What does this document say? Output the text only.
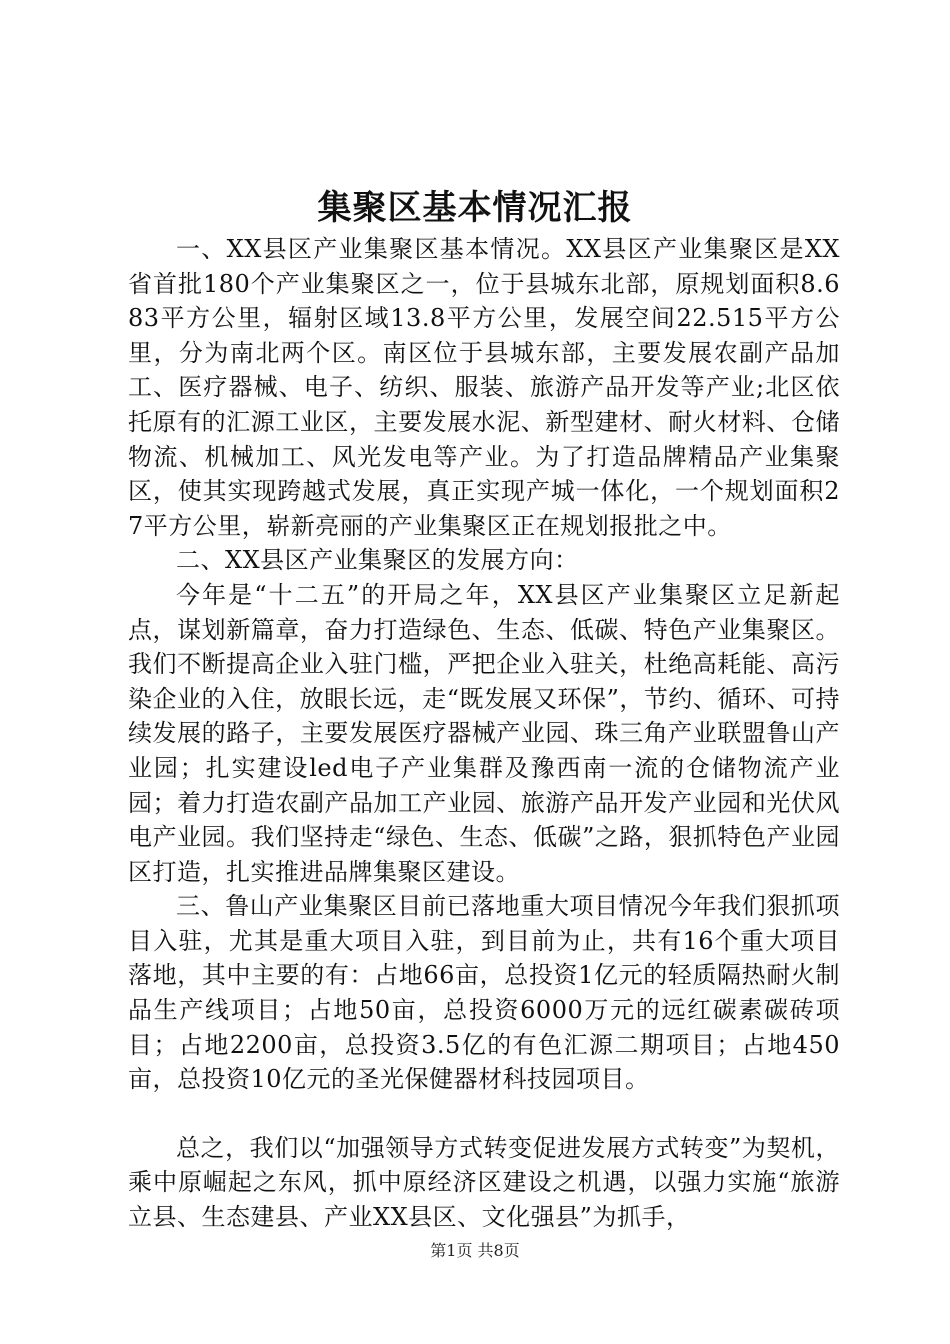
集聚区基本情况汇报

一、XX县区产业集聚区基本情况。XX县区产业集聚区是XX省首批180个产业集聚区之一，位于县城东北部，原规划面积8.683平方公里，辐射区域13.8平方公里，发展空间22.515平方公里，分为南北两个区。南区位于县城东部，主要发展农副产品加工、医疗器械、电子、纺织、服装、旅游产品开发等产业;北区依托原有的汇源工业区，主要发展水泥、新型建材、耐火材料、仓储物流、机械加工、风光发电等产业。为了打造品牌精品产业集聚区，使其实现跨越式发展，真正实现产城一体化，一个规划面积27平方公里，崭新亮丽的产业集聚区正在规划报批之中。

二、XX县区产业集聚区的发展方向：

今年是“十二五”的开局之年，XX县区产业集聚区立足新起点，谋划新篇章，奋力打造绿色、生态、低碳、特色产业集聚区。我们不断提高企业入驻门槛，严把企业入驻关，杜绝高耗能、高污染企业的入住，放眼长远，走“既发展又环保”，节约、循环、可持续发展的路子，主要发展医疗器械产业园、珠三角产业联盟鲁山产业园；扎实建设led电子产业集群及豫西南一流的仓储物流产业园；着力打造农副产品加工产业园、旅游产品开发产业园和光伏风电产业园。我们坚持走“绿色、生态、低碳”之路，狠抓特色产业园区打造，扎实推进品牌集聚区建设。

三、鲁山产业集聚区目前已落地重大项目情况今年我们狠抓项目入驻，尤其是重大项目入驻，到目前为止，共有16个重大项目落地，其中主要的有：占地66亩，总投资1亿元的轻质隔热耐火制品生产线项目；占地50亩，总投资6000万元的远红碳素碳砖项目；占地2200亩，总投资3.5亿的有色汇源二期项目；占地450亩，总投资10亿元的圣光保健器材科技园项目。

总之，我们以“加强领导方式转变促进发展方式转变”为契机，乘中原崛起之东风，抓中原经济区建设之机遇，以强力实施“旅游立县、生态建县、产业XX县区、文化强县”为抓手，

第1页 共8页
